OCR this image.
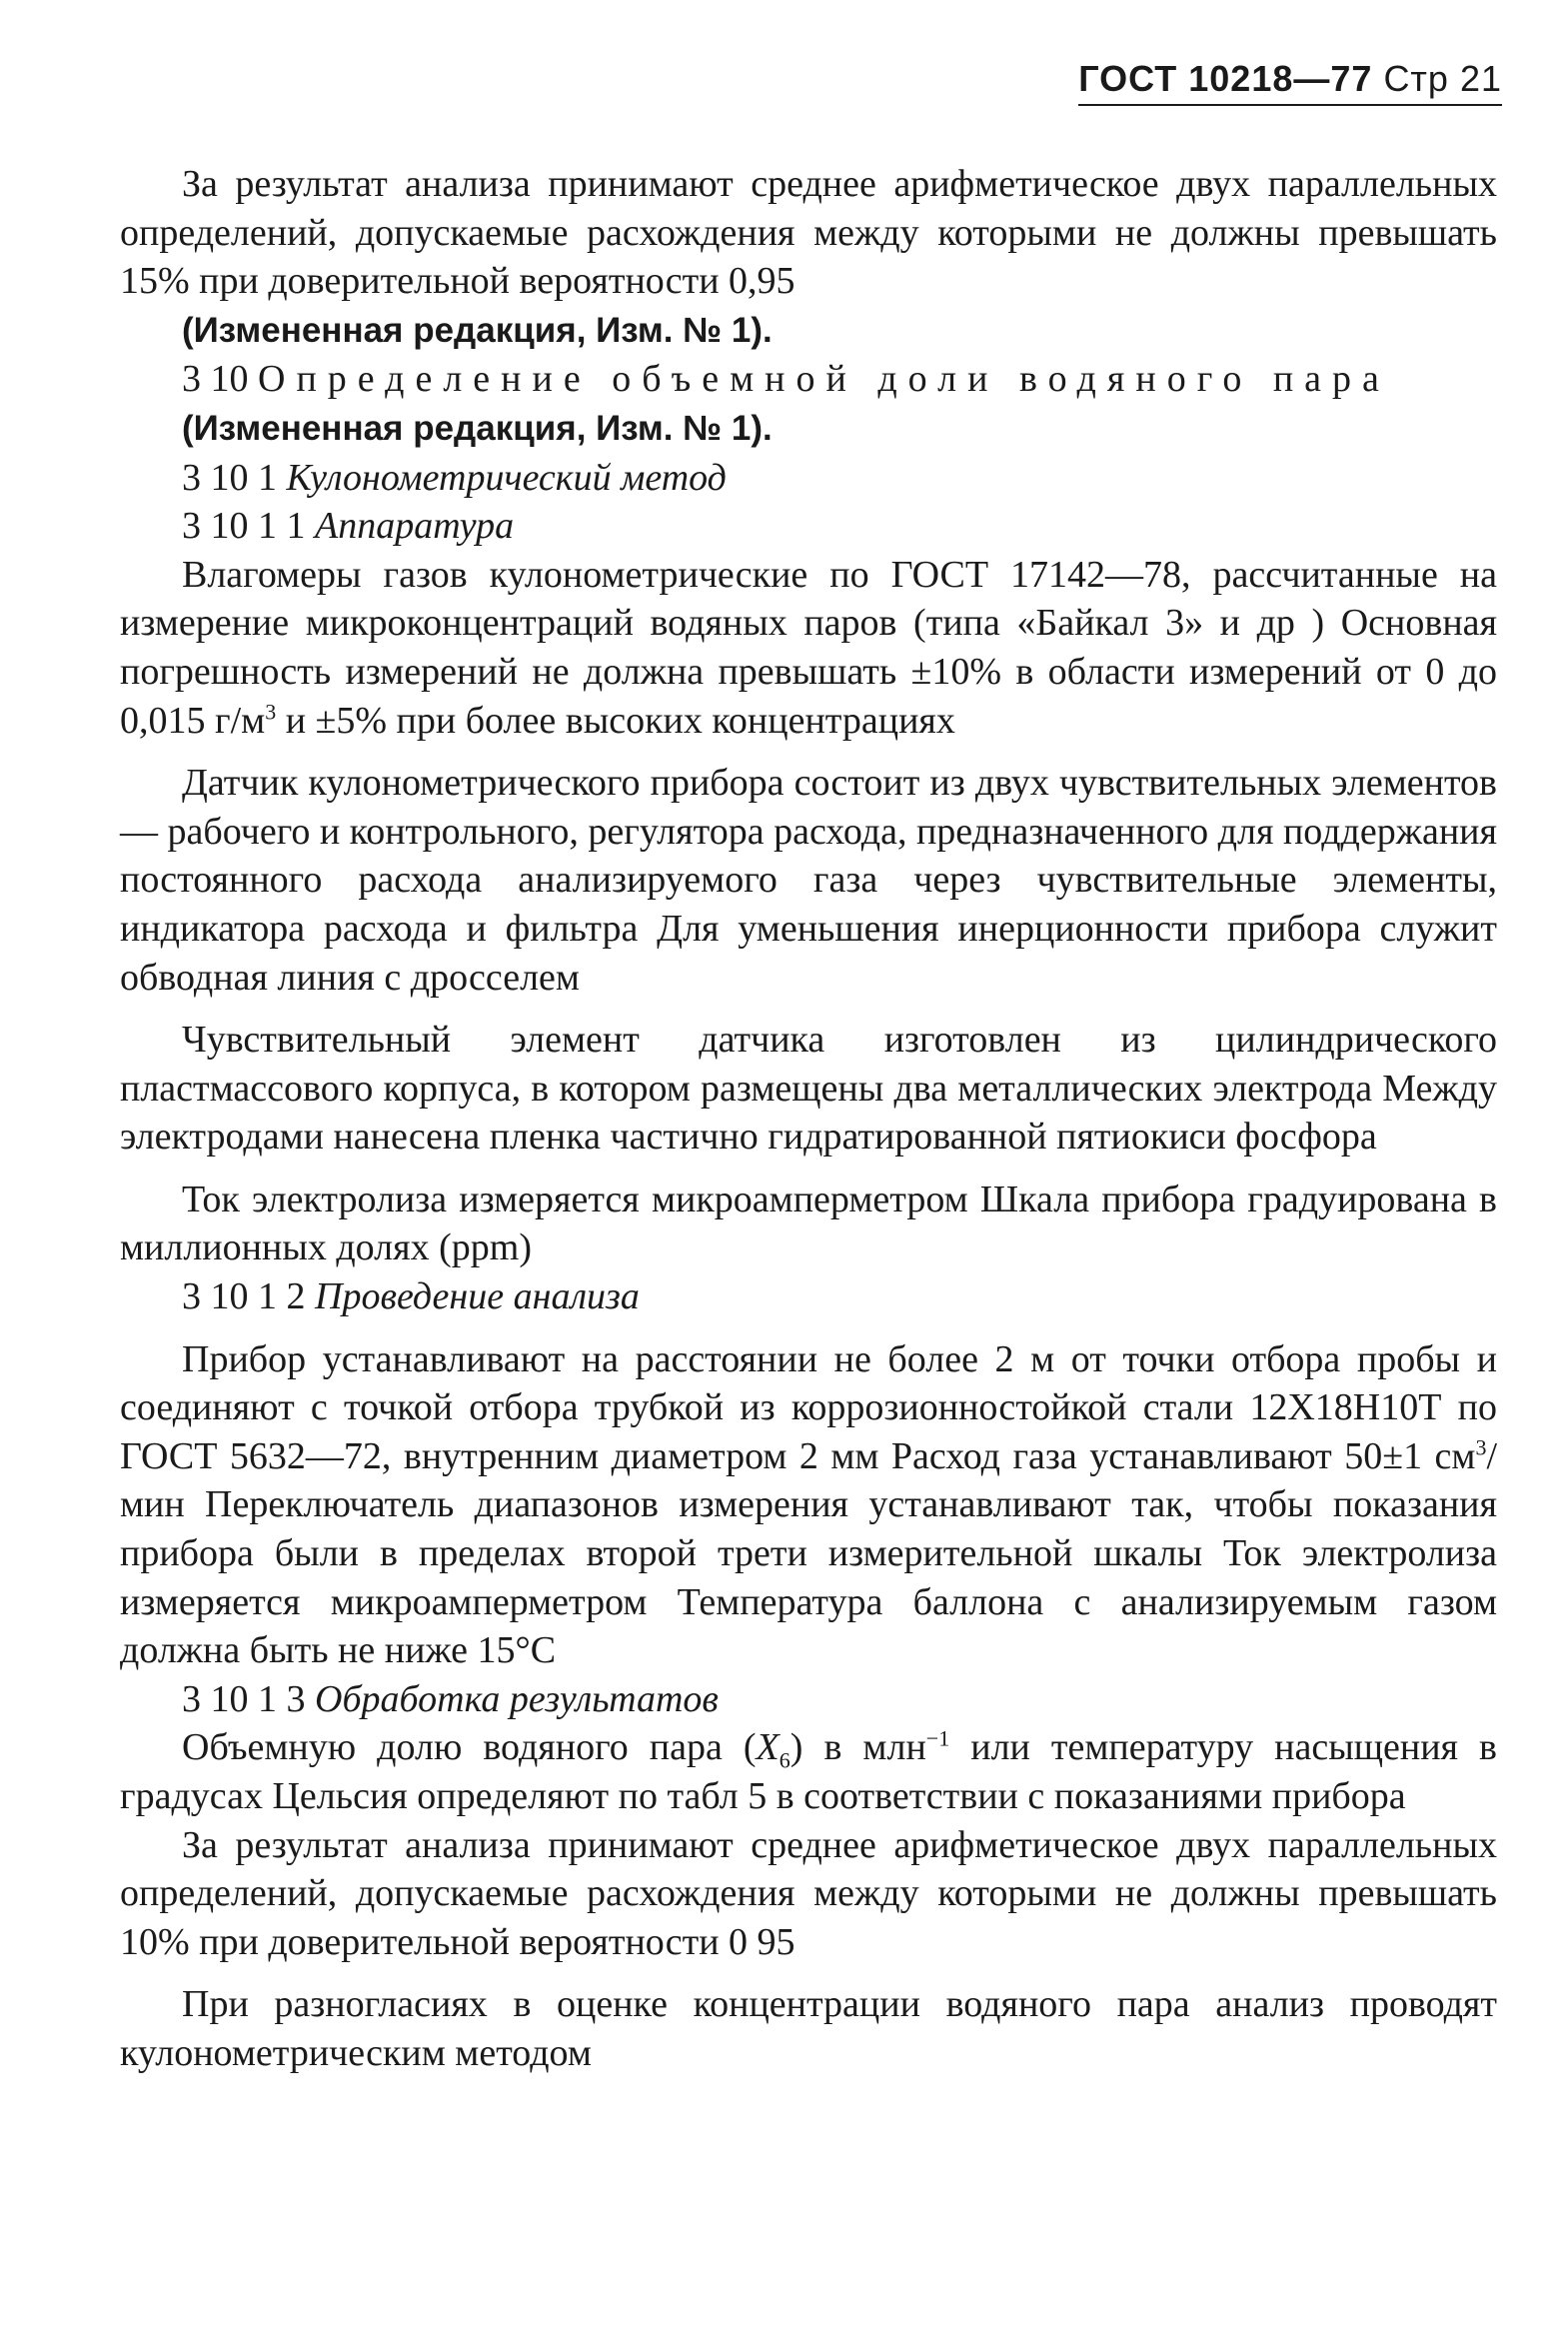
ГОСТ 10218—77 Стр 21

За результат анализа принимают среднее арифметическое двух параллельных определений, допускаемые расхождения между которыми не должны превышать 15% при доверительной вероятности 0,95

(Измененная редакция, Изм. № 1).

3 10 Определение объемной доли водяного пара

(Измененная редакция, Изм. № 1).

3 10 1 Кулонометрический метод

3 10 1 1 Аппаратура

Влагомеры газов кулонометрические по ГОСТ 17142—78, рассчитанные на измерение микроконцентраций водяных паров (типа «Байкал 3» и др ) Основная погрешность измерений не должна превышать ±10% в области измерений от 0 до 0,015 $г/м^3$ и ±5% при более высоких концентрациях

Датчик кулонометрического прибора состоит из двух чувствительных элементов — рабочего и контрольного, регулятора расхода, предназначенного для поддержания постоянного расхода анализируемого газа через чувствительные элементы, индикатора расхода и фильтра Для уменьшения инерционности прибора служит обводная линия с дросселем

Чувствительный элемент датчика изготовлен из цилиндрического пластмассового корпуса, в котором размещены два металлических электрода Между электродами нанесена пленка частично гидратированной пятиокиси фосфора

Ток электролиза измеряется микроамперметром Шкала прибора градуирована в миллионных долях (ppm)

3 10 1 2 Проведение анализа

Прибор устанавливают на расстоянии не более 2 м от точки отбора пробы и соединяют с точкой отбора трубкой из коррозионностойкой стали 12Х18Н10Т по ГОСТ 5632—72, внутренним диаметром 2 мм Расход газа устанавливают 50±1 $см^3$/мин Переключатель диапазонов измерения устанавливают так, чтобы показания прибора были в пределах второй трети измерительной шкалы Ток электролиза измеряется микроамперметром Температура баллона с анализируемым газом должна быть не ниже 15°С

3 10 1 3 Обработка результатов

Объемную долю водяного пара $(X_6)$ в млн$^{-1}$ или температуру насыщения в градусах Цельсия определяют по табл 5 в соответствии с показаниями прибора

За результат анализа принимают среднее арифметическое двух параллельных определений, допускаемые расхождения между которыми не должны превышать 10% при доверительной вероятности 0 95

При разногласиях в оценке концентрации водяного пара анализ проводят кулонометрическим методом
